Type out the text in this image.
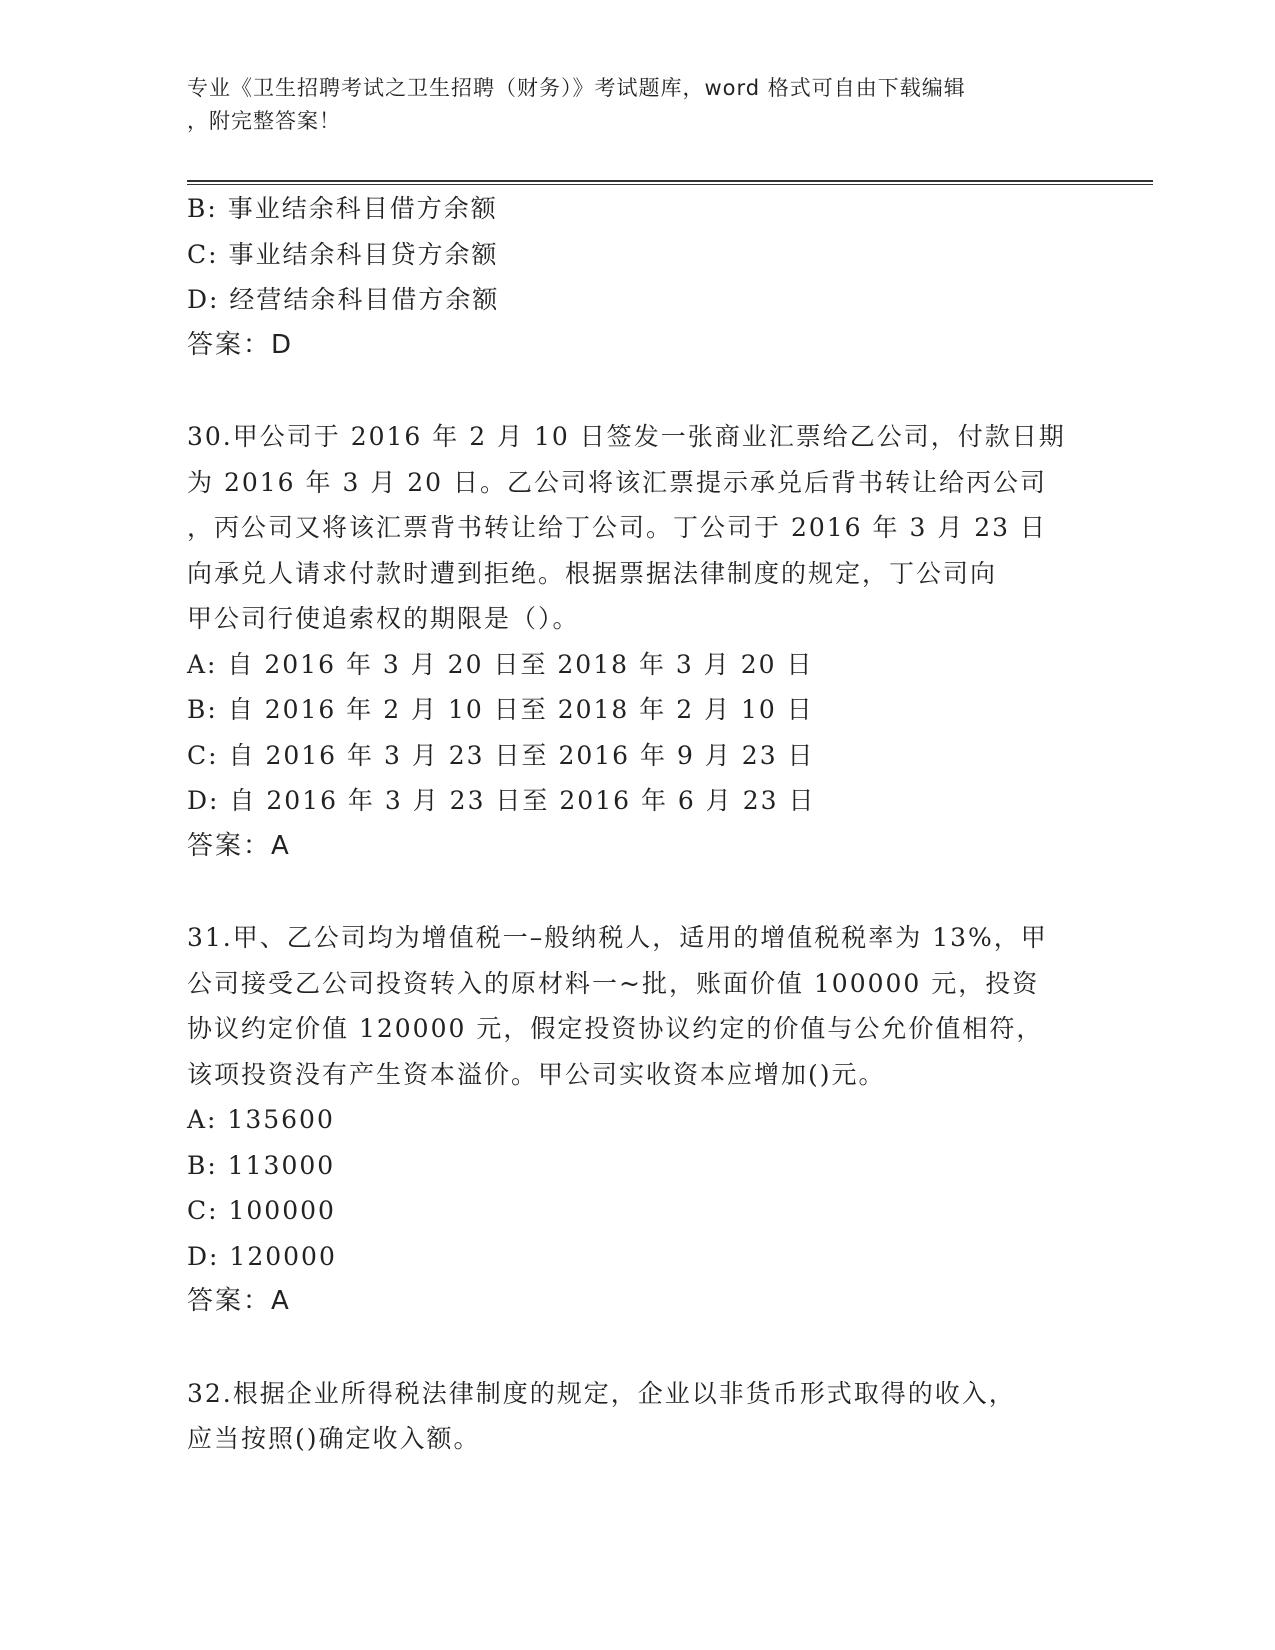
专业《卫生招聘考试之卫生招聘（财务）》考试题库，word 格式可自由下载编辑
，附完整答案！
B: 事业结余科目借方余额
C: 事业结余科目贷方余额
D: 经营结余科目借方余额
答案：D
30.甲公司于 2016 年 2 月 10 日签发一张商业汇票给乙公司，付款日期
为 2016 年 3 月 20 日。乙公司将该汇票提示承兑后背书转让给丙公司
，丙公司又将该汇票背书转让给丁公司。丁公司于 2016 年 3 月 23 日
向承兑人请求付款时遭到拒绝。根据票据法律制度的规定，丁公司向
甲公司行使追索权的期限是（）。
A: 自 2016 年 3 月 20 日至 2018 年 3 月 20 日
B: 自 2016 年 2 月 10 日至 2018 年 2 月 10 日
C: 自 2016 年 3 月 23 日至 2016 年 9 月 23 日
D: 自 2016 年 3 月 23 日至 2016 年 6 月 23 日
答案：A
31.甲、乙公司均为增值税一–般纳税人，适用的增值税税率为 13%，甲
公司接受乙公司投资转入的原材料一~批，账面价值 100000 元，投资
协议约定价值 120000 元，假定投资协议约定的价值与公允价值相符，
该项投资没有产生资本溢价。甲公司实收资本应增加()元。
A: 135600
B: 113000
C: 100000
D: 120000
答案：A
32.根据企业所得税法律制度的规定，企业以非货币形式取得的收入，
应当按照()确定收入额。
